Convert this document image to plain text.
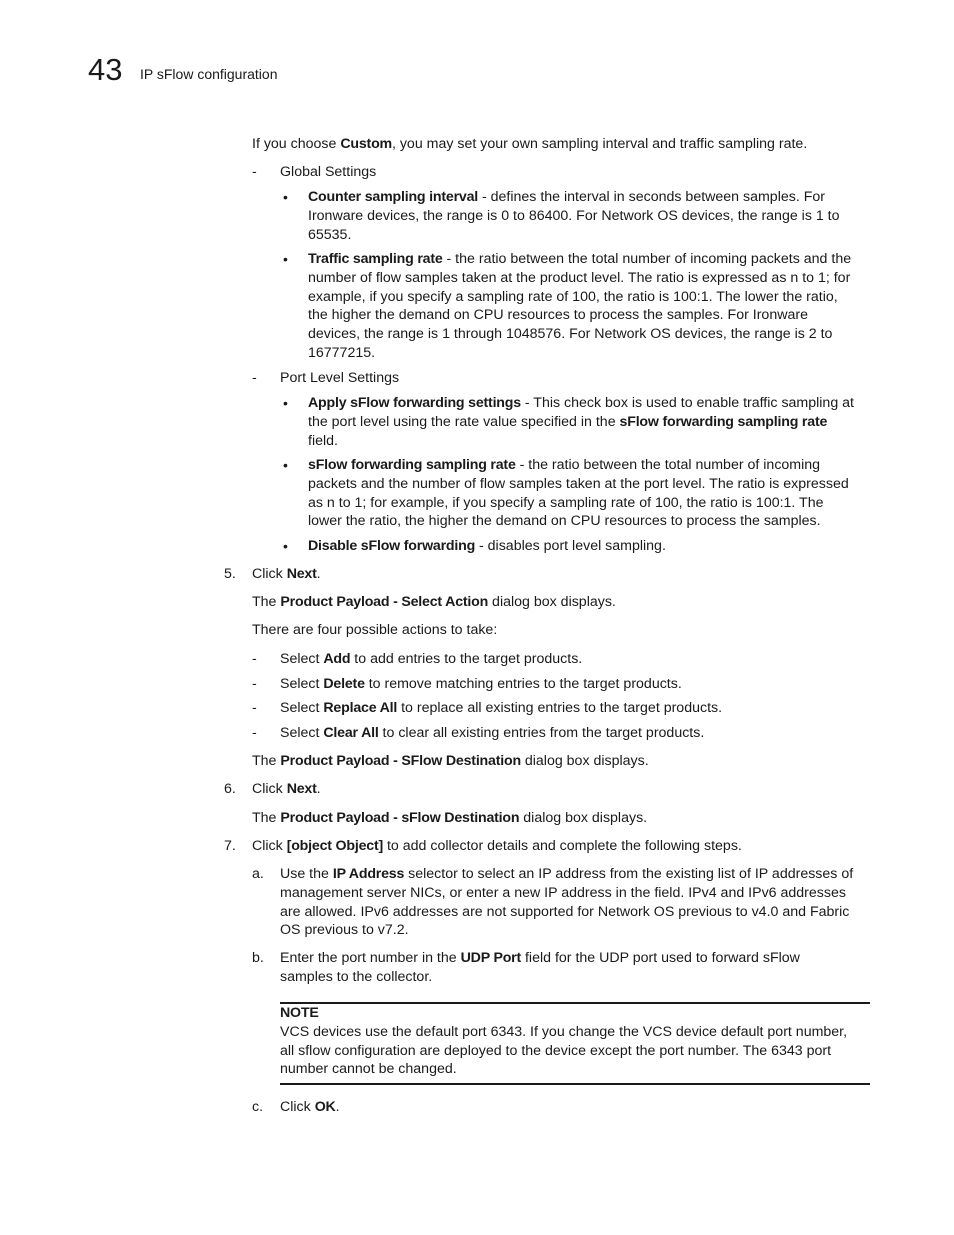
43 IP sFlow configuration
If you choose Custom, you may set your own sampling interval and traffic sampling rate.
-	Global Settings
• Counter sampling interval - defines the interval in seconds between samples. For
Ironware devices, the range is 0 to 86400. For Network OS devices, the range is 1 to
65535.
• Traffic sampling rate - the ratio between the total number of incoming packets and the
number of flow samples taken at the product level. The ratio is expressed as n to 1; for
example, if you specify a sampling rate of 100, the ratio is 100:1. The lower the ratio,
the higher the demand on CPU resources to process the samples. For Ironware
devices, the range is 1 through 1048576. For Network OS devices, the range is 2 to
16777215.
-	Port Level Settings
• Apply sFlow forwarding settings - This check box is used to enable traffic sampling at
the port level using the rate value specified in the sFlow forwarding sampling rate
field.
• sFlow forwarding sampling rate - the ratio between the total number of incoming
packets and the number of flow samples taken at the port level. The ratio is expressed
as n to 1; for example, if you specify a sampling rate of 100, the ratio is 100:1. The
lower the ratio, the higher the demand on CPU resources to process the samples.
• Disable sFlow forwarding - disables port level sampling.
5. Click Next.
The Product Payload - Select Action dialog box displays.
There are four possible actions to take:
-	Select Add to add entries to the target products.
-	Select Delete to remove matching entries to the target products.
-	Select Replace All to replace all existing entries to the target products.
-	Select Clear All to clear all existing entries from the target products.
The Product Payload - SFlow Destination dialog box displays.
6. Click Next.
The Product Payload - sFlow Destination dialog box displays.
7. Click [object Object] to add collector details and complete the following steps.
a. Use the IP Address selector to select an IP address from the existing list of IP addresses of
management server NICs, or enter a new IP address in the field. IPv4 and IPv6 addresses
are allowed. IPv6 addresses are not supported for Network OS previous to v4.0 and Fabric
OS previous to v7.2.
b. Enter the port number in the UDP Port field for the UDP port used to forward sFlow
samples to the collector.
NOTE
VCS devices use the default port 6343. If you change the VCS device default port number,
all sflow configuration are deployed to the device except the port number. The 6343 port
number cannot be changed.
c. Click OK.
